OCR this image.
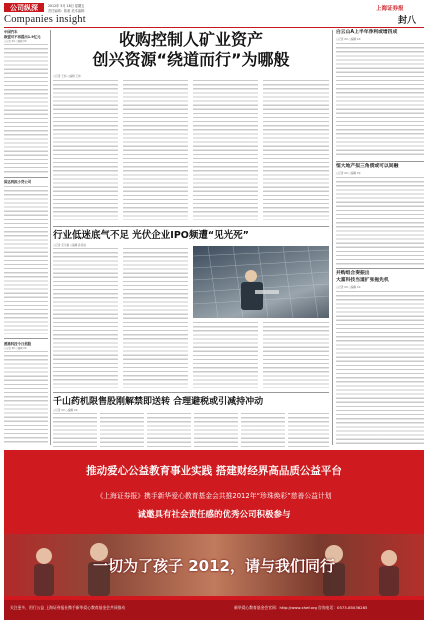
公司纵深
Companies insight
2012年 5月 18日 星期五
责任编辑：陈惠 美术编辑：	上海证券报
封八
中国汽车
欧盟对不再提出1.9亿元
○记者 XX ○编辑 XX
固达利拟小贷公司
渡港科技今日招股
○记者 XX ○编辑 XX
收购控制人矿业资产
创兴资源“绕道而行”为哪般
○记者 王炜 ○编辑 王炜
行业低迷底气不足 光伏企业IPO频遭“见光死”
○记者 宋元楷 ○编辑 孙佳成
千山药机限售股刚解禁即送转 合理避税或引减持冲动
○记者 XX ○编辑 XX
白云山A上半年净利或增四成
○记者 XX ○编辑 XX
恒大地产拟三角债或可以间融
○记者 XX ○编辑 XX
并购组合奏振出
大富科技当道扩张拖先机
○记者 XX ○编辑 XX
推动爱心公益教育事业实践 搭建财经界高品质公益平台
《上海证券报》携手新华爱心教育基金会共推2012年“珍珠焕彩”慈善公益计划
诚邀具有社会责任感的优秀公司积极参与
一切为了孩子 2012，请与我们同行
关注更多，用行公益 上海证券报社携手新华爱心教育基金会共同推动	新华爱心教育基金会官网：http://www.xhef.org 咨询电话：0573-85036285
